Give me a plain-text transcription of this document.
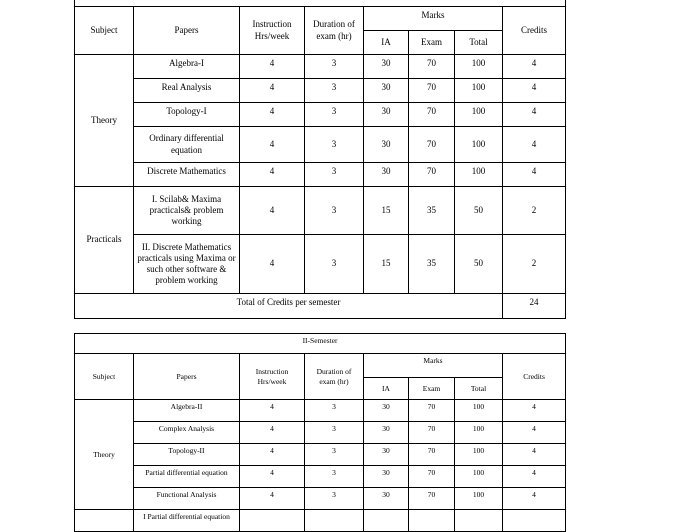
Subject	Papers	Instruction Hrs/week	Duration of exam (hr)	Marks			Credits
				IA	Exam	Total	
Theory	Algebra-I	4	3	30	70	100	4
	Real Analysis	4	3	30	70	100	4
	Topology-I	4	3	30	70	100	4
	Ordinary differential equation	4	3	30	70	100	4
	Discrete Mathematics	4	3	30	70	100	4
Practicals	I. Scilab& Maxima practicals& problem working	4	3	15	35	50	2
	II. Discrete Mathematics practicals using Maxima or such other software & problem working	4	3	15	35	50	2
Total of Credits per semester							24
II-Semester							
Subject	Papers	Instruction Hrs/week	Duration of exam (hr)	Marks			Credits
				IA	Exam	Total	
Theory	Algebra-II	4	3	30	70	100	4
	Complex Analysis	4	3	30	70	100	4
	Topology-II	4	3	30	70	100	4
	Partial differential equation	4	3	30	70	100	4
	Functional Analysis	4	3	30	70	100	4
	I Partial differential equation						
